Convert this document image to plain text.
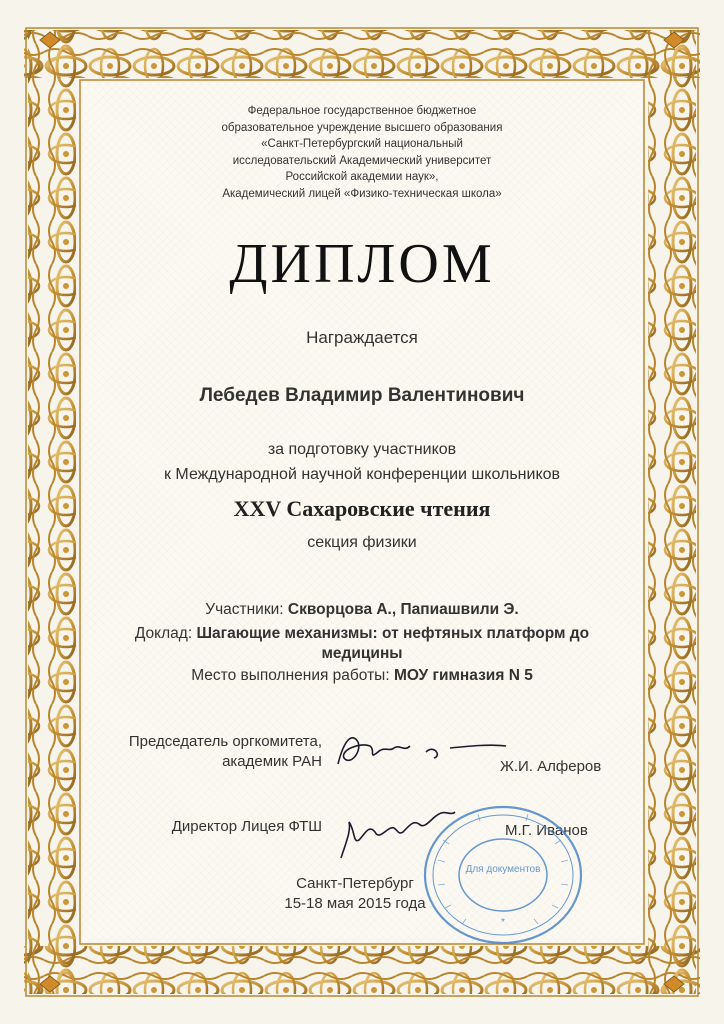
Федеральное государственное бюджетное
образовательное учреждение высшего образования
«Санкт-Петербургский национальный
исследовательский Академический университет
Российской академии наук»,
Академический лицей «Физико-техническая школа»
ДИПЛОМ
Награждается
Лебедев Владимир Валентинович
за подготовку участников
к Международной научной конференции школьников
XXV Сахаровские чтения
секция физики
Участники: Скворцова А., Папиашвили Э.
Доклад: Шагающие механизмы: от нефтяных платформ до
медицины
Место выполнения работы: МОУ гимназия N 5
Председатель оргкомитета,
академик РАН	Ж.И. Алферов
Директор Лицея ФТШ	М.Г. Иванов
Санкт-Петербург
15-18 мая 2015 года
Для документов
*
